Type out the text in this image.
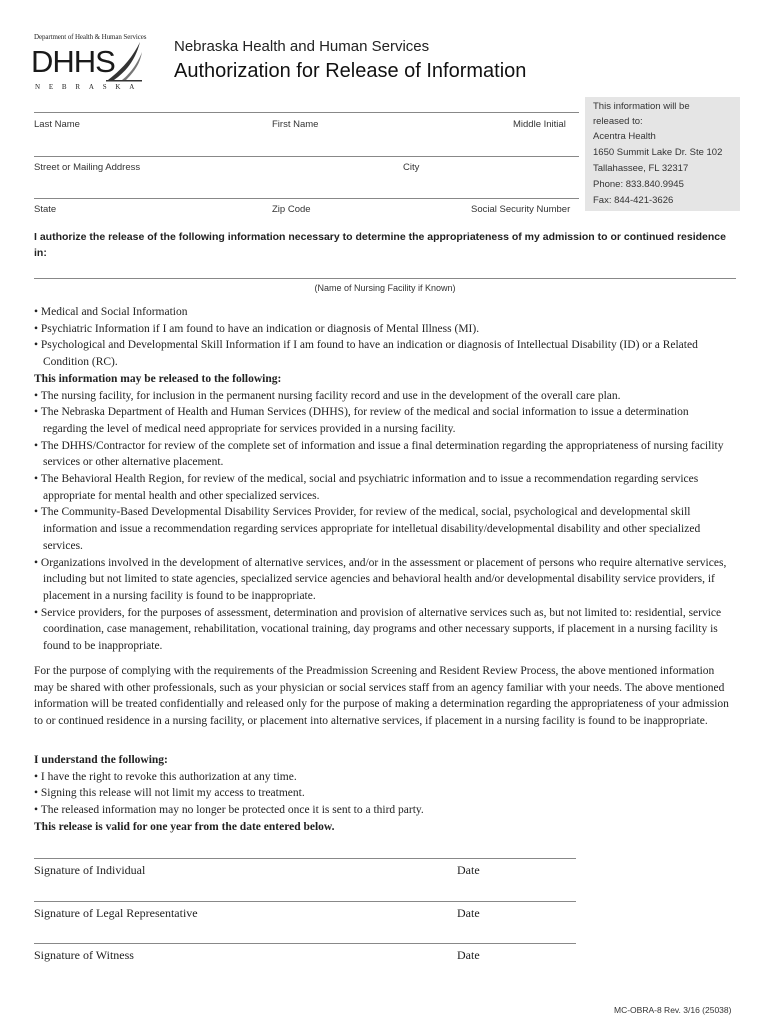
Department of Health & Human Services
DHHS
NEBRASKA
Nebraska Health and Human Services
Authorization for Release of Information
Last Name	First Name	Middle Initial
Street or Mailing Address	City
State	Zip Code	Social Security Number
This information will be
released to:
Acentra Health
1650 Summit Lake Dr. Ste 102
Tallahassee, FL 32317
Phone: 833.840.9945
Fax: 844-421-3626
I authorize the release of the following information necessary to determine the appropriateness of my admission to or continued residence in:
(Name of Nursing Facility if Known)

• Medical and Social Information

• Psychiatric Information if I am found to have an indication or diagnosis of Mental Illness (MI).

• Psychological and Developmental Skill Information if I am found to have an indication or diagnosis of Intellectual Disability (ID) or a Related Condition (RC).

This information may be released to the following:

• The nursing facility, for inclusion in the permanent nursing facility record and use in the development of the overall care plan.

• The Nebraska Department of Health and Human Services (DHHS), for review of the medical and social information to issue a determination regarding the level of medical need appropriate for services provided in a nursing facility.

• The DHHS/Contractor for review of the complete set of information and issue a final determination regarding the appropriateness of nursing facility services or other alternative placement.

• The Behavioral Health Region, for review of the medical, social and psychiatric information and to issue a recommendation regarding services appropriate for mental health and other specialized services.

• The Community-Based Developmental Disability Services Provider, for review of the medical, social, psychological and developmental skill information and issue a recommendation regarding services appropriate for intelletual disability/developmental disability and other specialized services.

• Organizations involved in the development of alternative services, and/or in the assessment or placement of persons who require alternative services, including but not limited to state agencies, specialized service agencies and behavioral health and/or developmental disability service providers, if placement in a nursing facility is found to be inappropriate.

• Service providers, for the purposes of assessment, determination and provision of alternative services such as, but not limited to: residential, service coordination, case management, rehabilitation, vocational training, day programs and other necessary supports, if placement in a nursing facility is found to be inappropriate.

For the purpose of complying with the requirements of the Preadmission Screening and Resident Review Process, the above mentioned information may be shared with other professionals, such as your physician or social services staff from an agency familiar with your needs. The above mentioned information will be treated confidentially and released only for the purpose of making a determination regarding the appropriateness of your admission to or continued residence in a nursing facility, or placement into alternative services, if placement in a nursing facility is found to be inappropriate.

I understand the following:

• I have the right to revoke this authorization at any time.

• Signing this release will not limit my access to treatment.

• The released information may no longer be protected once it is sent to a third party.

This release is valid for one year from the date entered below.

Signature of Individual	Date
Signature of Legal Representative	Date
Signature of Witness	Date
MC-OBRA-8 Rev. 3/16 (25038)
